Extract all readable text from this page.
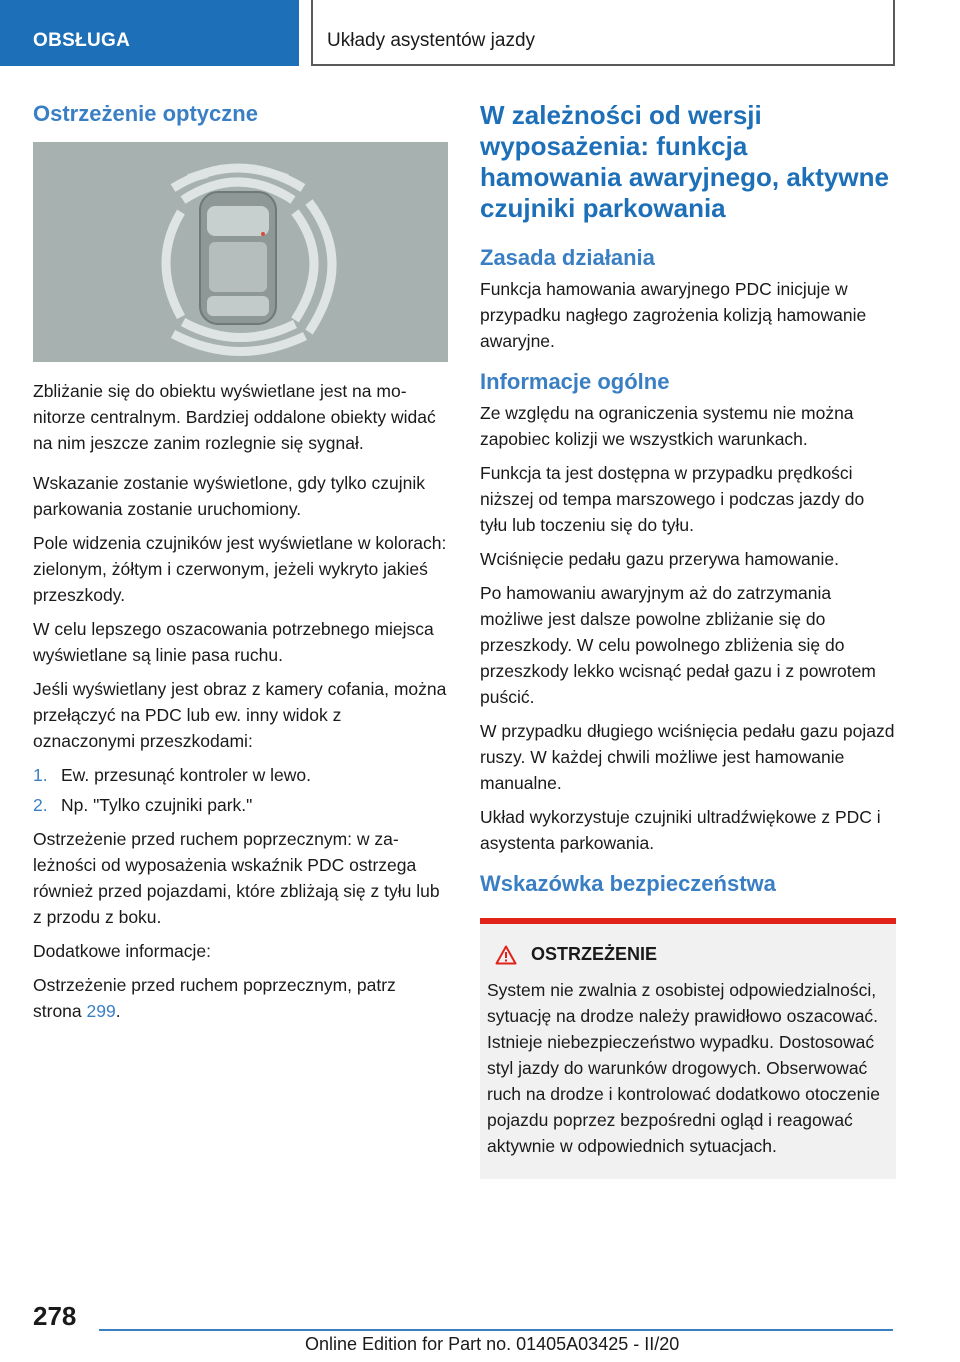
OBSŁUGA	Układy asystentów jazdy
Ostrzeżenie optyczne

Zbliżanie się do obiektu wyświetlane jest na monitorze centralnym. Bardziej oddalone obiekty widać na nim jeszcze zanim rozlegnie się sygnał.

Wskazanie zostanie wyświetlone, gdy tylko czujnik parkowania zostanie uruchomiony.

Pole widzenia czujników jest wyświetlane w kolorach: zielonym, żółtym i czerwonym, jeżeli wykryto jakieś przeszkody.

W celu lepszego oszacowania potrzebnego miejsca wyświetlane są linie pasa ruchu.

Jeśli wyświetlany jest obraz z kamery cofania, można przełączyć na PDC lub ew. inny widok z oznaczonymi przeszkodami:

1. Ew. przesunąć kontroler w lewo.
2. Np. "Tylko czujniki park."

Ostrzeżenie przed ruchem poprzecznym: w zależności od wyposażenia wskaźnik PDC ostrzega również przed pojazdami, które zbliżają się z tyłu lub z przodu z boku.

Dodatkowe informacje:

Ostrzeżenie przed ruchem poprzecznym, patrz strona 299.

W zależności od wersji wyposażenia: funkcja hamowania awaryjnego, aktywne czujniki parkowania
Zasada działania

Funkcja hamowania awaryjnego PDC inicjuje w przypadku nagłego zagrożenia kolizją hamowanie awaryjne.

Informacje ogólne

Ze względu na ograniczenia systemu nie można zapobiec kolizji we wszystkich warunkach.

Funkcja ta jest dostępna w przypadku prędkości niższej od tempa marszowego i podczas jazdy do tyłu lub toczeniu się do tyłu.

Wciśnięcie pedału gazu przerywa hamowanie.

Po hamowaniu awaryjnym aż do zatrzymania możliwe jest dalsze powolne zbliżanie się do przeszkody. W celu powolnego zbliżenia się do przeszkody lekko wcisnąć pedał gazu i z powrotem puścić.

W przypadku długiego wciśnięcia pedału gazu pojazd ruszy. W każdej chwili możliwe jest hamowanie manualne.

Układ wykorzystuje czujniki ultradźwiękowe z PDC i asystenta parkowania.

Wskazówka bezpieczeństwa
OSTRZEŻENIE

System nie zwalnia z osobistej odpowiedzialności, sytuację na drodze należy prawidłowo oszacować. Istnieje niebezpieczeństwo wypadku. Dostosować styl jazdy do warunków drogowych. Obserwować ruch na drodze i kontrolować dodatkowo otoczenie pojazdu poprzez bezpośredni ogląd i reagować aktywnie w odpowiednich sytuacjach.

278
Online Edition for Part no. 01405A03425 - II/20
